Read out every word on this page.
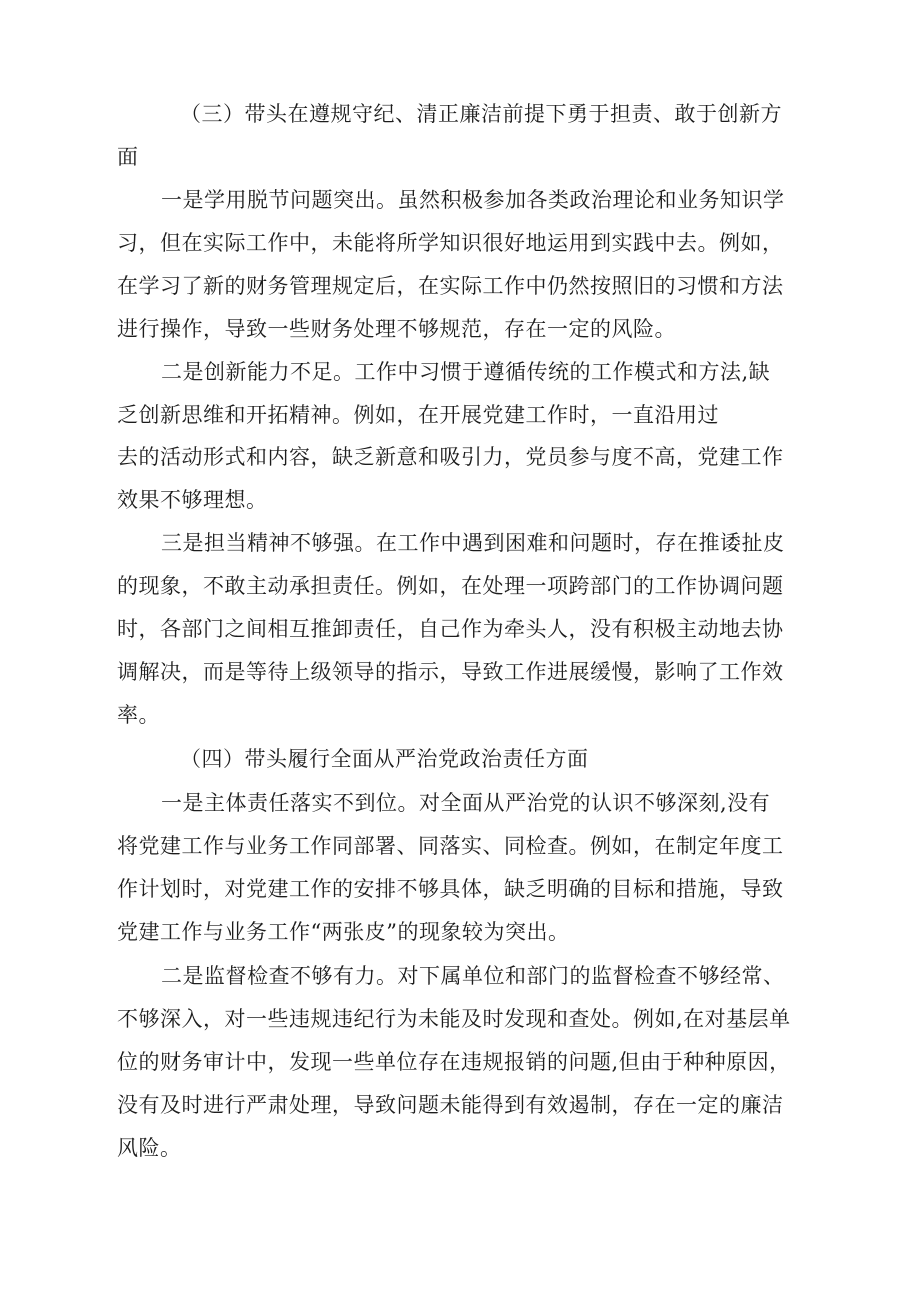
（三）带头在遵规守纪、清正廉洁前提下勇于担责、敢于创新方

面

一是学用脱节问题突出。虽然积极参加各类政治理论和业务知识学

习，但在实际工作中，未能将所学知识很好地运用到实践中去。例如，

在学习了新的财务管理规定后，在实际工作中仍然按照旧的习惯和方法

进行操作，导致一些财务处理不够规范，存在一定的风险。

二是创新能力不足。工作中习惯于遵循传统的工作模式和方法,缺

乏创新思维和开拓精神。例如，在开展党建工作时，一直沿用过

去的活动形式和内容，缺乏新意和吸引力，党员参与度不高，党建工作

效果不够理想。

三是担当精神不够强。在工作中遇到困难和问题时，存在推诿扯皮

的现象，不敢主动承担责任。例如，在处理一项跨部门的工作协调问题

时，各部门之间相互推卸责任，自己作为牵头人，没有积极主动地去协

调解决，而是等待上级领导的指示，导致工作进展缓慢，影响了工作效

率。

（四）带头履行全面从严治党政治责任方面

一是主体责任落实不到位。对全面从严治党的认识不够深刻,没有

将党建工作与业务工作同部署、同落实、同检查。例如，在制定年度工

作计划时，对党建工作的安排不够具体，缺乏明确的目标和措施，导致

党建工作与业务工作“两张皮”的现象较为突出。

二是监督检查不够有力。对下属单位和部门的监督检查不够经常、

不够深入，对一些违规违纪行为未能及时发现和查处。例如,在对基层单

位的财务审计中，发现一些单位存在违规报销的问题,但由于种种原因，

没有及时进行严肃处理，导致问题未能得到有效遏制，存在一定的廉洁

风险。
